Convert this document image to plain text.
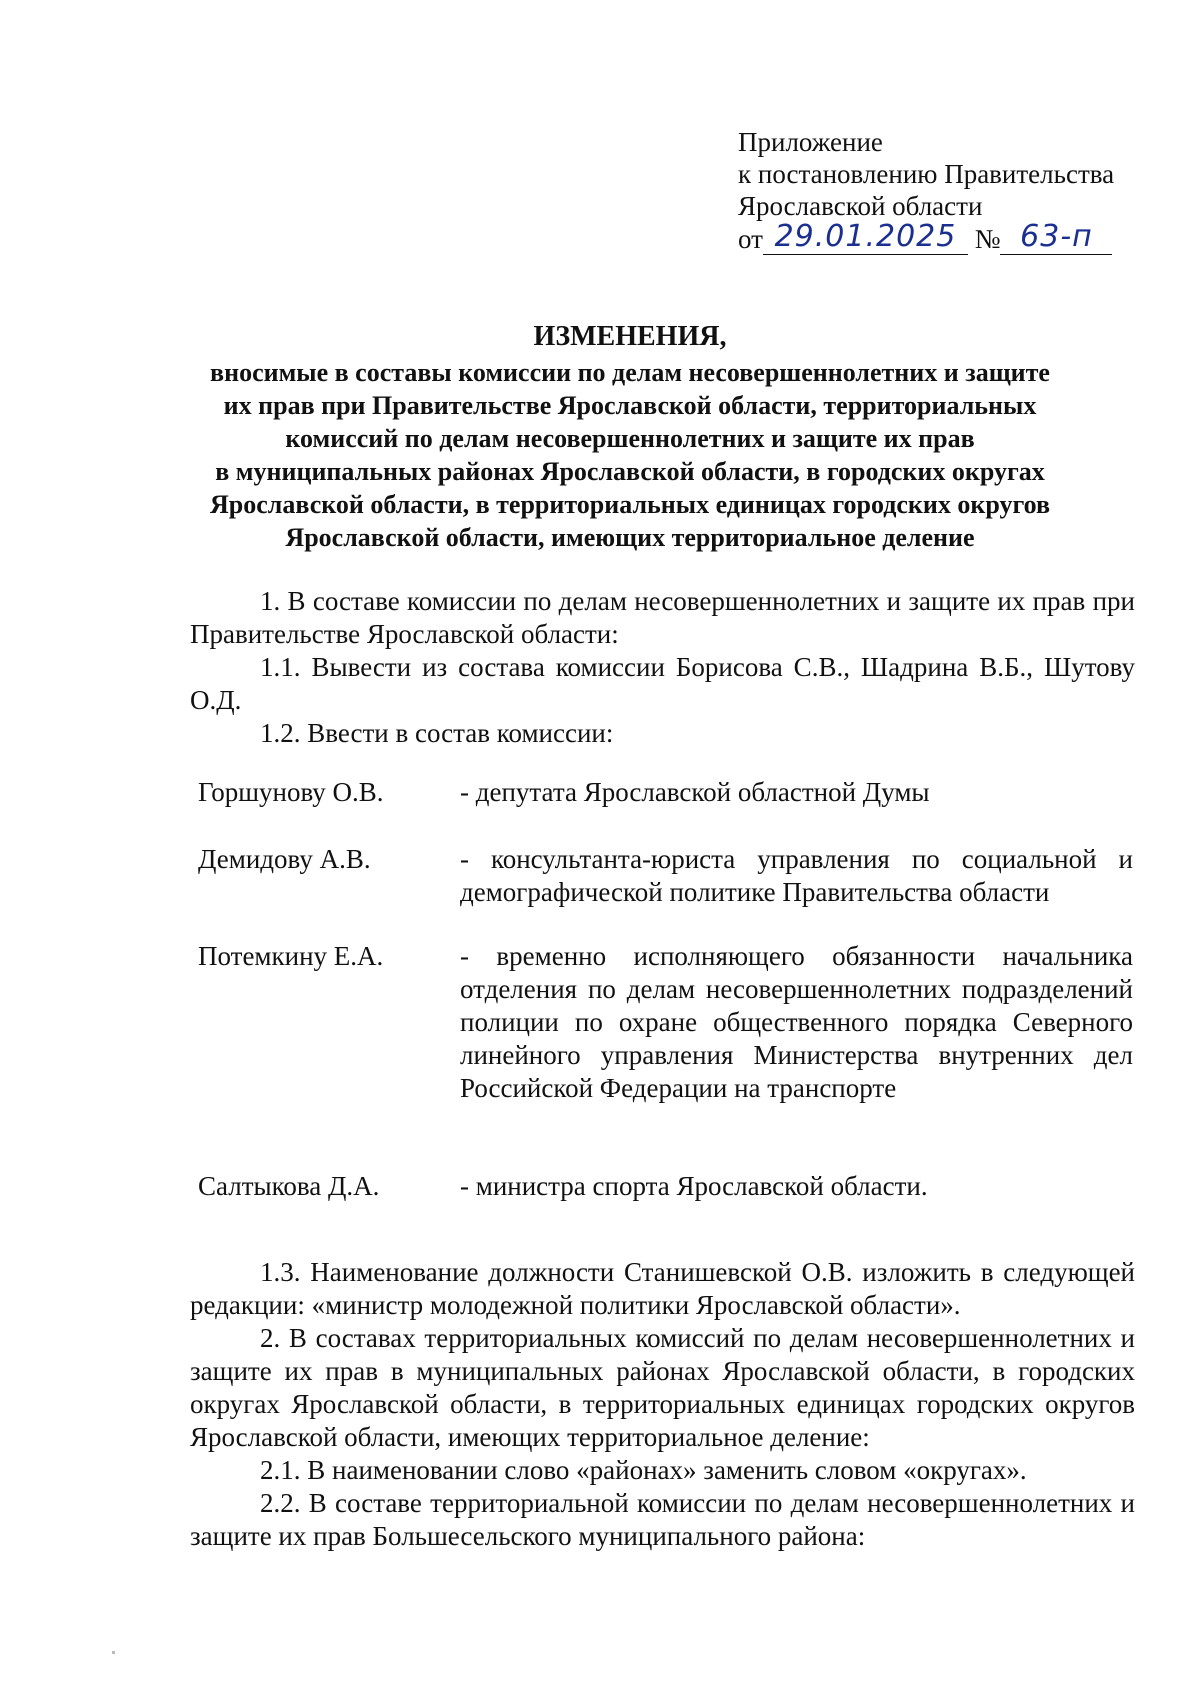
Приложение
к постановлению Правительства
Ярославской области
от 29.01.2025 № 63-п
ИЗМЕНЕНИЯ,
вносимые в составы комиссии по делам несовершеннолетних и защите
их прав при Правительстве Ярославской области, территориальных
комиссий по делам несовершеннолетних и защите их прав
в муниципальных районах Ярославской области, в городских округах
Ярославской области, в территориальных единицах городских округов
Ярославской области, имеющих территориальное деление

1. В составе комиссии по делам несовершеннолетних и защите их прав при Правительстве Ярославской области:

1.1. Вывести из состава комиссии Борисова С.В., Шадрина В.Б., Шутову О.Д.

1.2. Ввести в состав комиссии:

Горшунову О.В.	- депутата Ярославской областной Думы
Демидову А.В.	- консультанта-юриста управления по социальной и демографической политике Правительства области
Потемкину Е.А.	- временно исполняющего обязанности начальника отделения по делам несовершеннолетних подразделений полиции по охране общественного порядка Северного линейного управления Министерства внутренних дел Российской Федерации на транспорте
Салтыкова Д.А.	- министра спорта Ярославской области.

1.3. Наименование должности Станишевской О.В. изложить в следующей редакции: «министр молодежной политики Ярославской области».

2. В составах территориальных комиссий по делам несовершеннолетних и защите их прав в муниципальных районах Ярославской области, в городских округах Ярославской области, в территориальных единицах городских округов Ярославской области, имеющих территориальное деление:

2.1. В наименовании слово «районах» заменить словом «округах».

2.2. В составе территориальной комиссии по делам несовершеннолетних и защите их прав Большесельского муниципального района:
